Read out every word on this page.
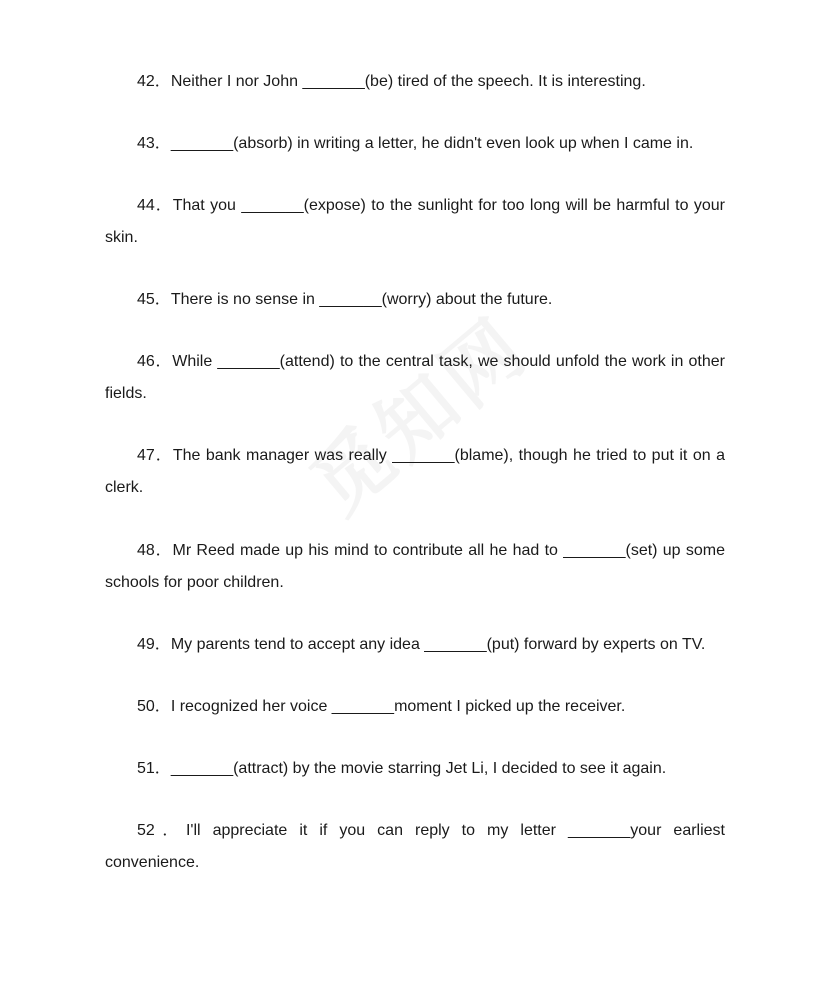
42．Neither I nor John _______(be) tired of the speech. It is interesting.

43．_______(absorb) in writing a letter, he didn't even look up when I came in.

44．That you _______(expose) to the sunlight for too long will be harmful to your skin.

45．There is no sense in _______(worry) about the future.

46．While _______(attend) to the central task, we should unfold the work in other fields.

47．The bank manager was really _______(blame), though he tried to put it on a clerk.

48．Mr Reed made up his mind to contribute all he had to _______(set) up some schools for poor children.

49．My parents tend to accept any idea _______(put) forward by experts on TV.

50．I recognized her voice _______moment I picked up the receiver.

51．_______(attract) by the movie starring Jet Li, I decided to see it again.

52．I'll appreciate it if you can reply to my letter _______your earliest convenience.
